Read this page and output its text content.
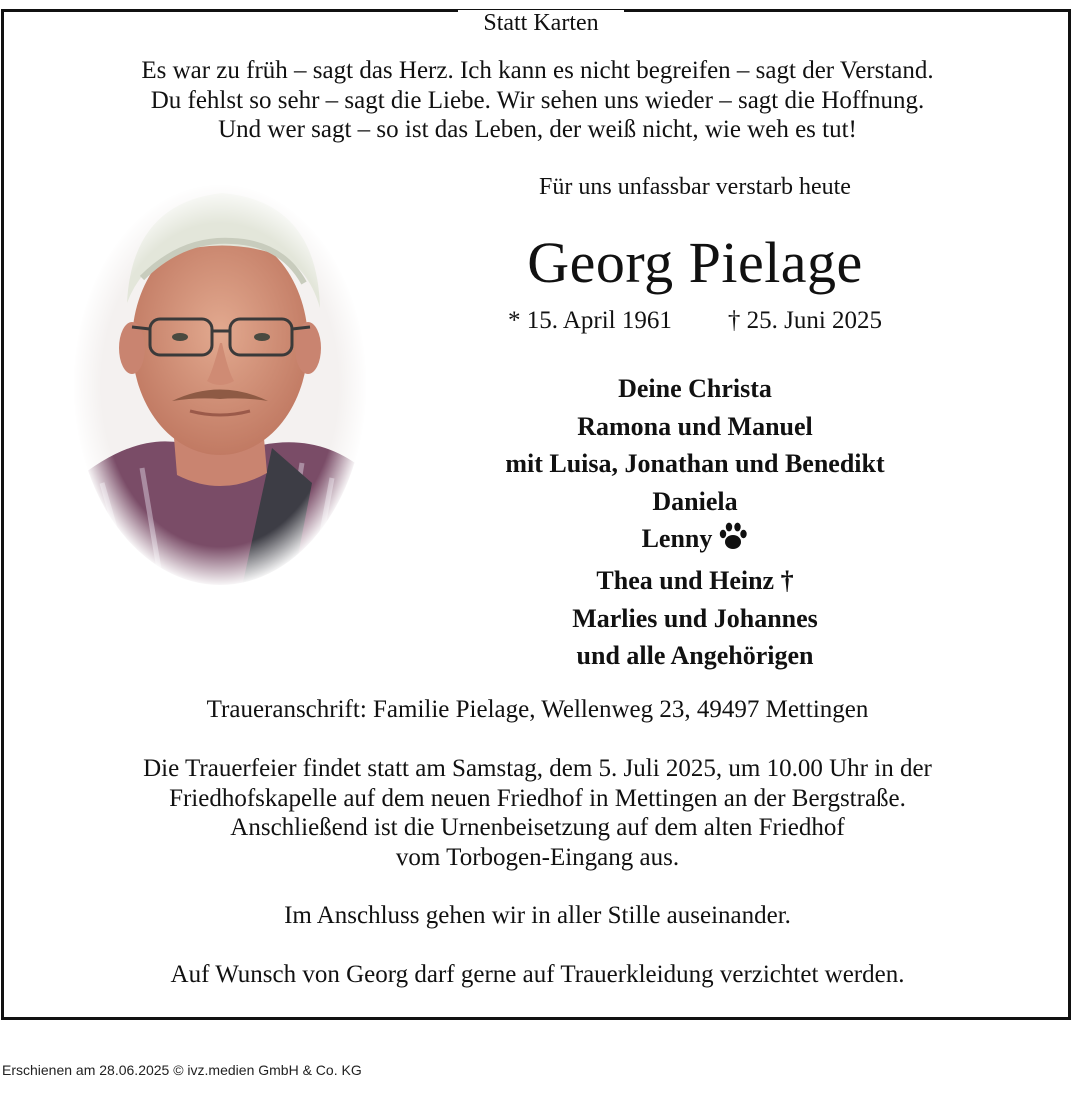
Statt Karten
Es war zu früh – sagt das Herz. Ich kann es nicht begreifen – sagt der Verstand.
Du fehlst so sehr – sagt die Liebe. Wir sehen uns wieder – sagt die Hoffnung.
Und wer sagt – so ist das Leben, der weiß nicht, wie weh es tut!
Für uns unfassbar verstarb heute
Georg Pielage
* 15. April 1961 † 25. Juni 2025
Deine Christa
Ramona und Manuel
mit Luisa, Jonathan und Benedikt
Daniela
Lenny
Thea und Heinz †
Marlies und Johannes
und alle Angehörigen
Traueranschrift: Familie Pielage, Wellenweg 23, 49497 Mettingen
Die Trauerfeier findet statt am Samstag, dem 5. Juli 2025, um 10.00 Uhr in der
Friedhofskapelle auf dem neuen Friedhof in Mettingen an der Bergstraße.
Anschließend ist die Urnenbeisetzung auf dem alten Friedhof
vom Torbogen-Eingang aus.
Im Anschluss gehen wir in aller Stille auseinander.
Auf Wunsch von Georg darf gerne auf Trauerkleidung verzichtet werden.
Erschienen am 28.06.2025 © ivz.medien GmbH & Co. KG
